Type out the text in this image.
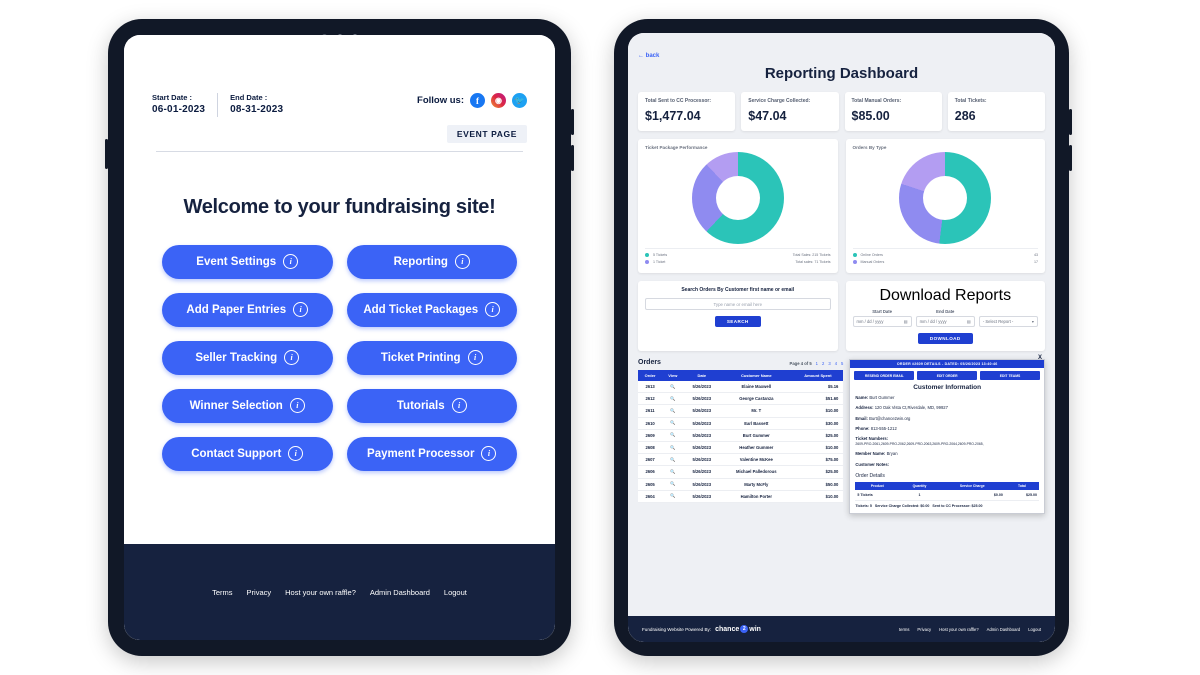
Start Date :
06-01-2023
End Date :
08-31-2023
Follow us:	f	◉	🐦
EVENT PAGE
Welcome to your fundraising site!
Event Settings	i	Reporting	i
Add Paper Entries	i	Add Ticket Packages	i
Seller Tracking	i	Ticket Printing	i
Winner Selection	i	Tutorials	i
Contact Support	i	Payment Processor	i
Terms Privacy Host your own raffle? Admin Dashboard Logout
← back
Reporting Dashboard
Total Sent to CC Processor:
$1,477.04
Service Charge Collected:
$47.04
Total Manual Orders:
$85.00
Total Tickets:
286
Ticket Package Performance
5 Tickets	Total Sales: 215 Tickets
1 Ticket	Total sales: 71 Tickets
Orders By Type
Online Orders	43
Manual Orders	17
Search Orders By Customer first name or email
Type name or email here
SEARCH
Download Reports
Start Date
mm / dd / yyyy	▤
End Date
mm / dd / yyyy	▤
	- Select Report -	▾
DOWNLOAD
Orders	Page 4 of 5 1 2 3 4 5
Order	View	Date	Customer Name	Amount Spent
2613	🔍	5/26/2023	Elaine Maxwell	$5.16
2612	🔍	5/26/2023	George Castanza	$51.60
2611	🔍	5/26/2023	Mr. T	$10.00
2610	🔍	5/26/2023	Earl Bassett	$30.00
2609	🔍	5/26/2023	Burt Gummer	$25.00
2608	🔍	5/26/2023	Heather Gummer	$10.00
2607	🔍	5/26/2023	Valentine McKee	$75.00
2606	🔍	5/26/2023	Michael Palledorous	$25.00
2605	🔍	5/26/2023	Marty McFly	$50.00
2604	🔍	5/26/2023	Hamilton Porter	$10.00
X
ORDER #2609 DETAILS - DATED: 05/26/2023 13:40:46
RESEND ORDER EMAIL	EDIT ORDER	EDIT TEAMS
Customer Information
Name: Burt Gummer
Address: 120 Oak Vista Ct,Riverdale, MD, 99927
Email: Burt@chance2win.org
Phone: 813-555-1212
Ticket Numbers:
2609-PRO-2061,2609-PRO-2062,2609-PRO-2063,2609-PRO-2064,2609-PRO-2065,
Member Name: Bryan
Customer Notes:
Order Details
Product	Quantity	Service Charge	Total
5 Tickets	1	$0.00	$25.00
Tickets: 5 Service Charge Collected: $0.00 Sent to CC Processor: $25.00
Fundraising Website Powered By: chance 2 win	terms Privacy Host your own raffle? Admin Dashboard Logout
